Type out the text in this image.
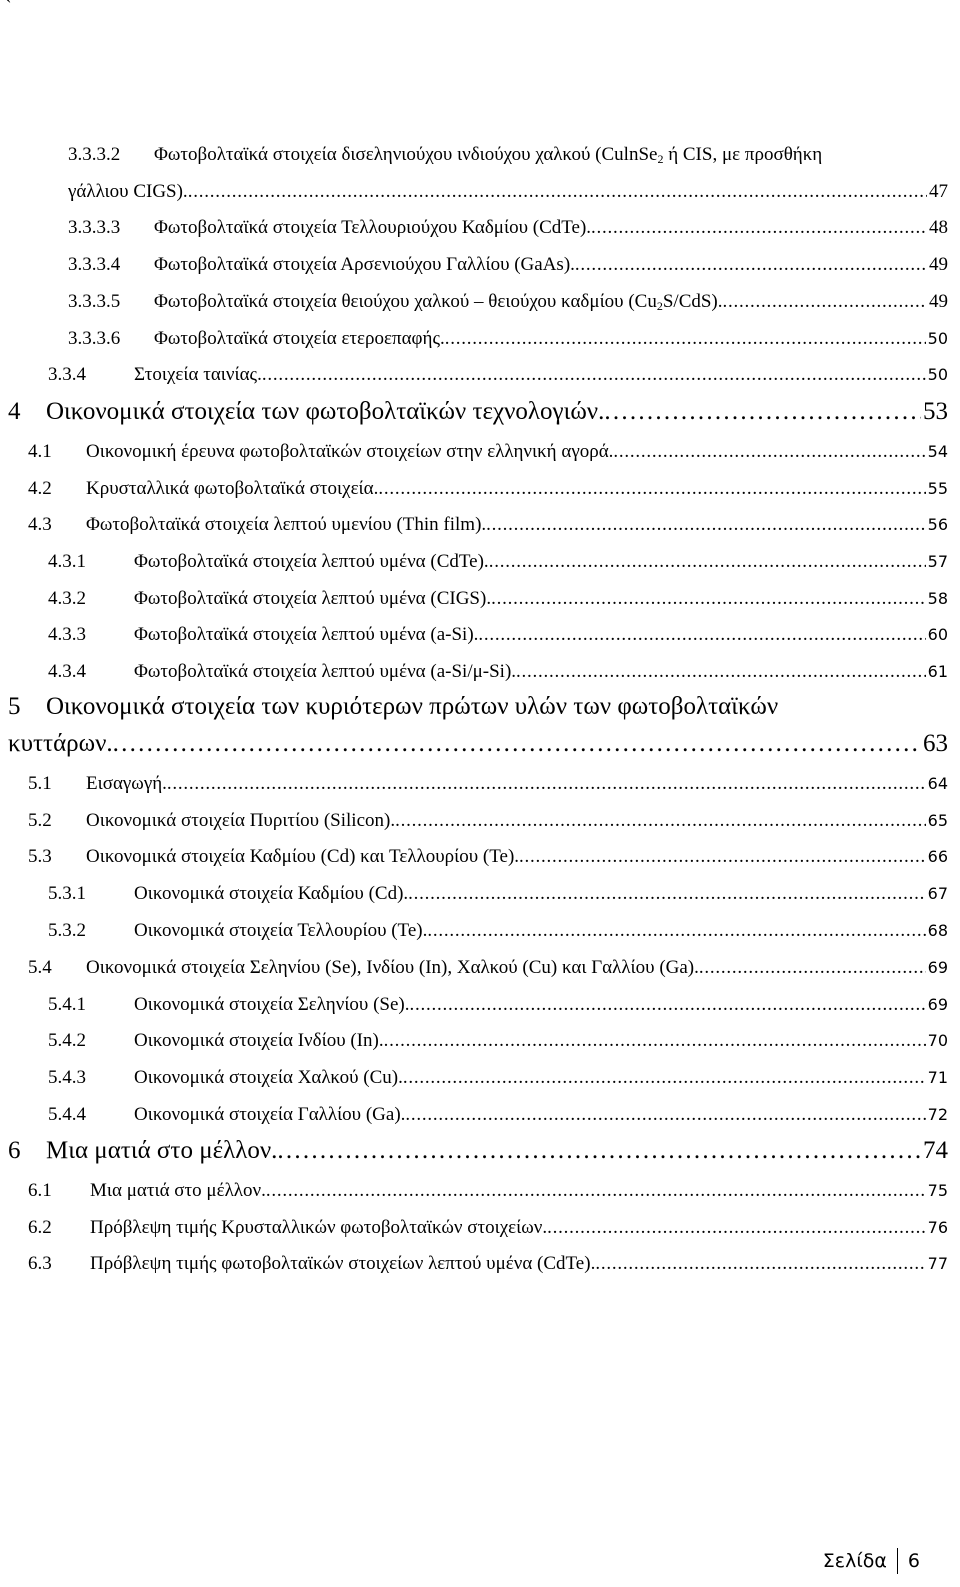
`
3.3.3.2	Φωτοβολταϊκά στοιχεία δισεληνιούχου ινδιούχου χαλκού (CulnSe$_2$ ή CIS, με προσθήκη
γάλλιου CIGS). . . .	47
3.3.3.3	Φωτοβολταϊκά στοιχεία Τελλουριούχου Καδμίου (CdTe). . . .	48
3.3.3.4	Φωτοβολταϊκά στοιχεία Αρσενιούχου Γαλλίου (GaAs). . . .	49
3.3.3.5	Φωτοβολταϊκά στοιχεία θειούχου χαλκού – θειούχου καδμίου $(Cu_2S/CdS)$. . . .	49
3.3.3.6	Φωτοβολταϊκά στοιχεία ετεροεπαφής. . . .	50
3.3.4	Στοιχεία ταινίας. . . .	50
4	Οικονομικά στοιχεία των φωτοβολταϊκών τεχνολογιών. . . .	53
4.1	Οικονομική έρευνα φωτοβολταϊκών στοιχείων στην ελληνική αγορά. . . .	54
4.2	Κρυσταλλικά φωτοβολταϊκά στοιχεία. . . .	55
4.3	Φωτοβολταϊκά στοιχεία λεπτού υμενίου (Thin film). . . .	56
4.3.1	Φωτοβολταϊκά στοιχεία λεπτού υμένα (CdTe). . . .	57
4.3.2	Φωτοβολταϊκά στοιχεία λεπτού υμένα (CIGS). . . .	58
4.3.3	Φωτοβολταϊκά στοιχεία λεπτού υμένα (a-Si). . . .	60
4.3.4	Φωτοβολταϊκά στοιχεία λεπτού υμένα (a-Si/μ-Si). . . .	61
5	Οικονομικά στοιχεία των κυριότερων πρώτων υλών των φωτοβολταϊκών
κυττάρων. . . .	63
5.1	Εισαγωγή. . . .	64
5.2	Οικονομικά στοιχεία Πυριτίου (Silicon). . . .	65
5.3	Οικονομικά στοιχεία Καδμίου (Cd) και Τελλουρίου (Te). . . .	66
5.3.1	Οικονομικά στοιχεία Καδμίου (Cd). . . .	67
5.3.2	Οικονομικά στοιχεία Τελλουρίου (Te). . . .	68
5.4	Οικονομικά στοιχεία Σεληνίου (Se), Ινδίου (In), Χαλκού (Cu) και Γαλλίου (Ga). . . .	69
5.4.1	Οικονομικά στοιχεία Σεληνίου (Se). . . .	69
5.4.2	Οικονομικά στοιχεία Ινδίου (In). . . .	70
5.4.3	Οικονομικά στοιχεία Χαλκού (Cu). . . .	71
5.4.4	Οικονομικά στοιχεία Γαλλίου (Ga). . . .	72
6	Μια ματιά στο μέλλον. . . .	74
6.1	Μια ματιά στο μέλλον. . . .	75
6.2	Πρόβλεψη τιμής Κρυσταλλικών φωτοβολταϊκών στοιχείων. . . .	76
6.3	Πρόβλεψη τιμής φωτοβολταϊκών στοιχείων λεπτού υμένα (CdTe). . . .	77
Σελίδα 6
